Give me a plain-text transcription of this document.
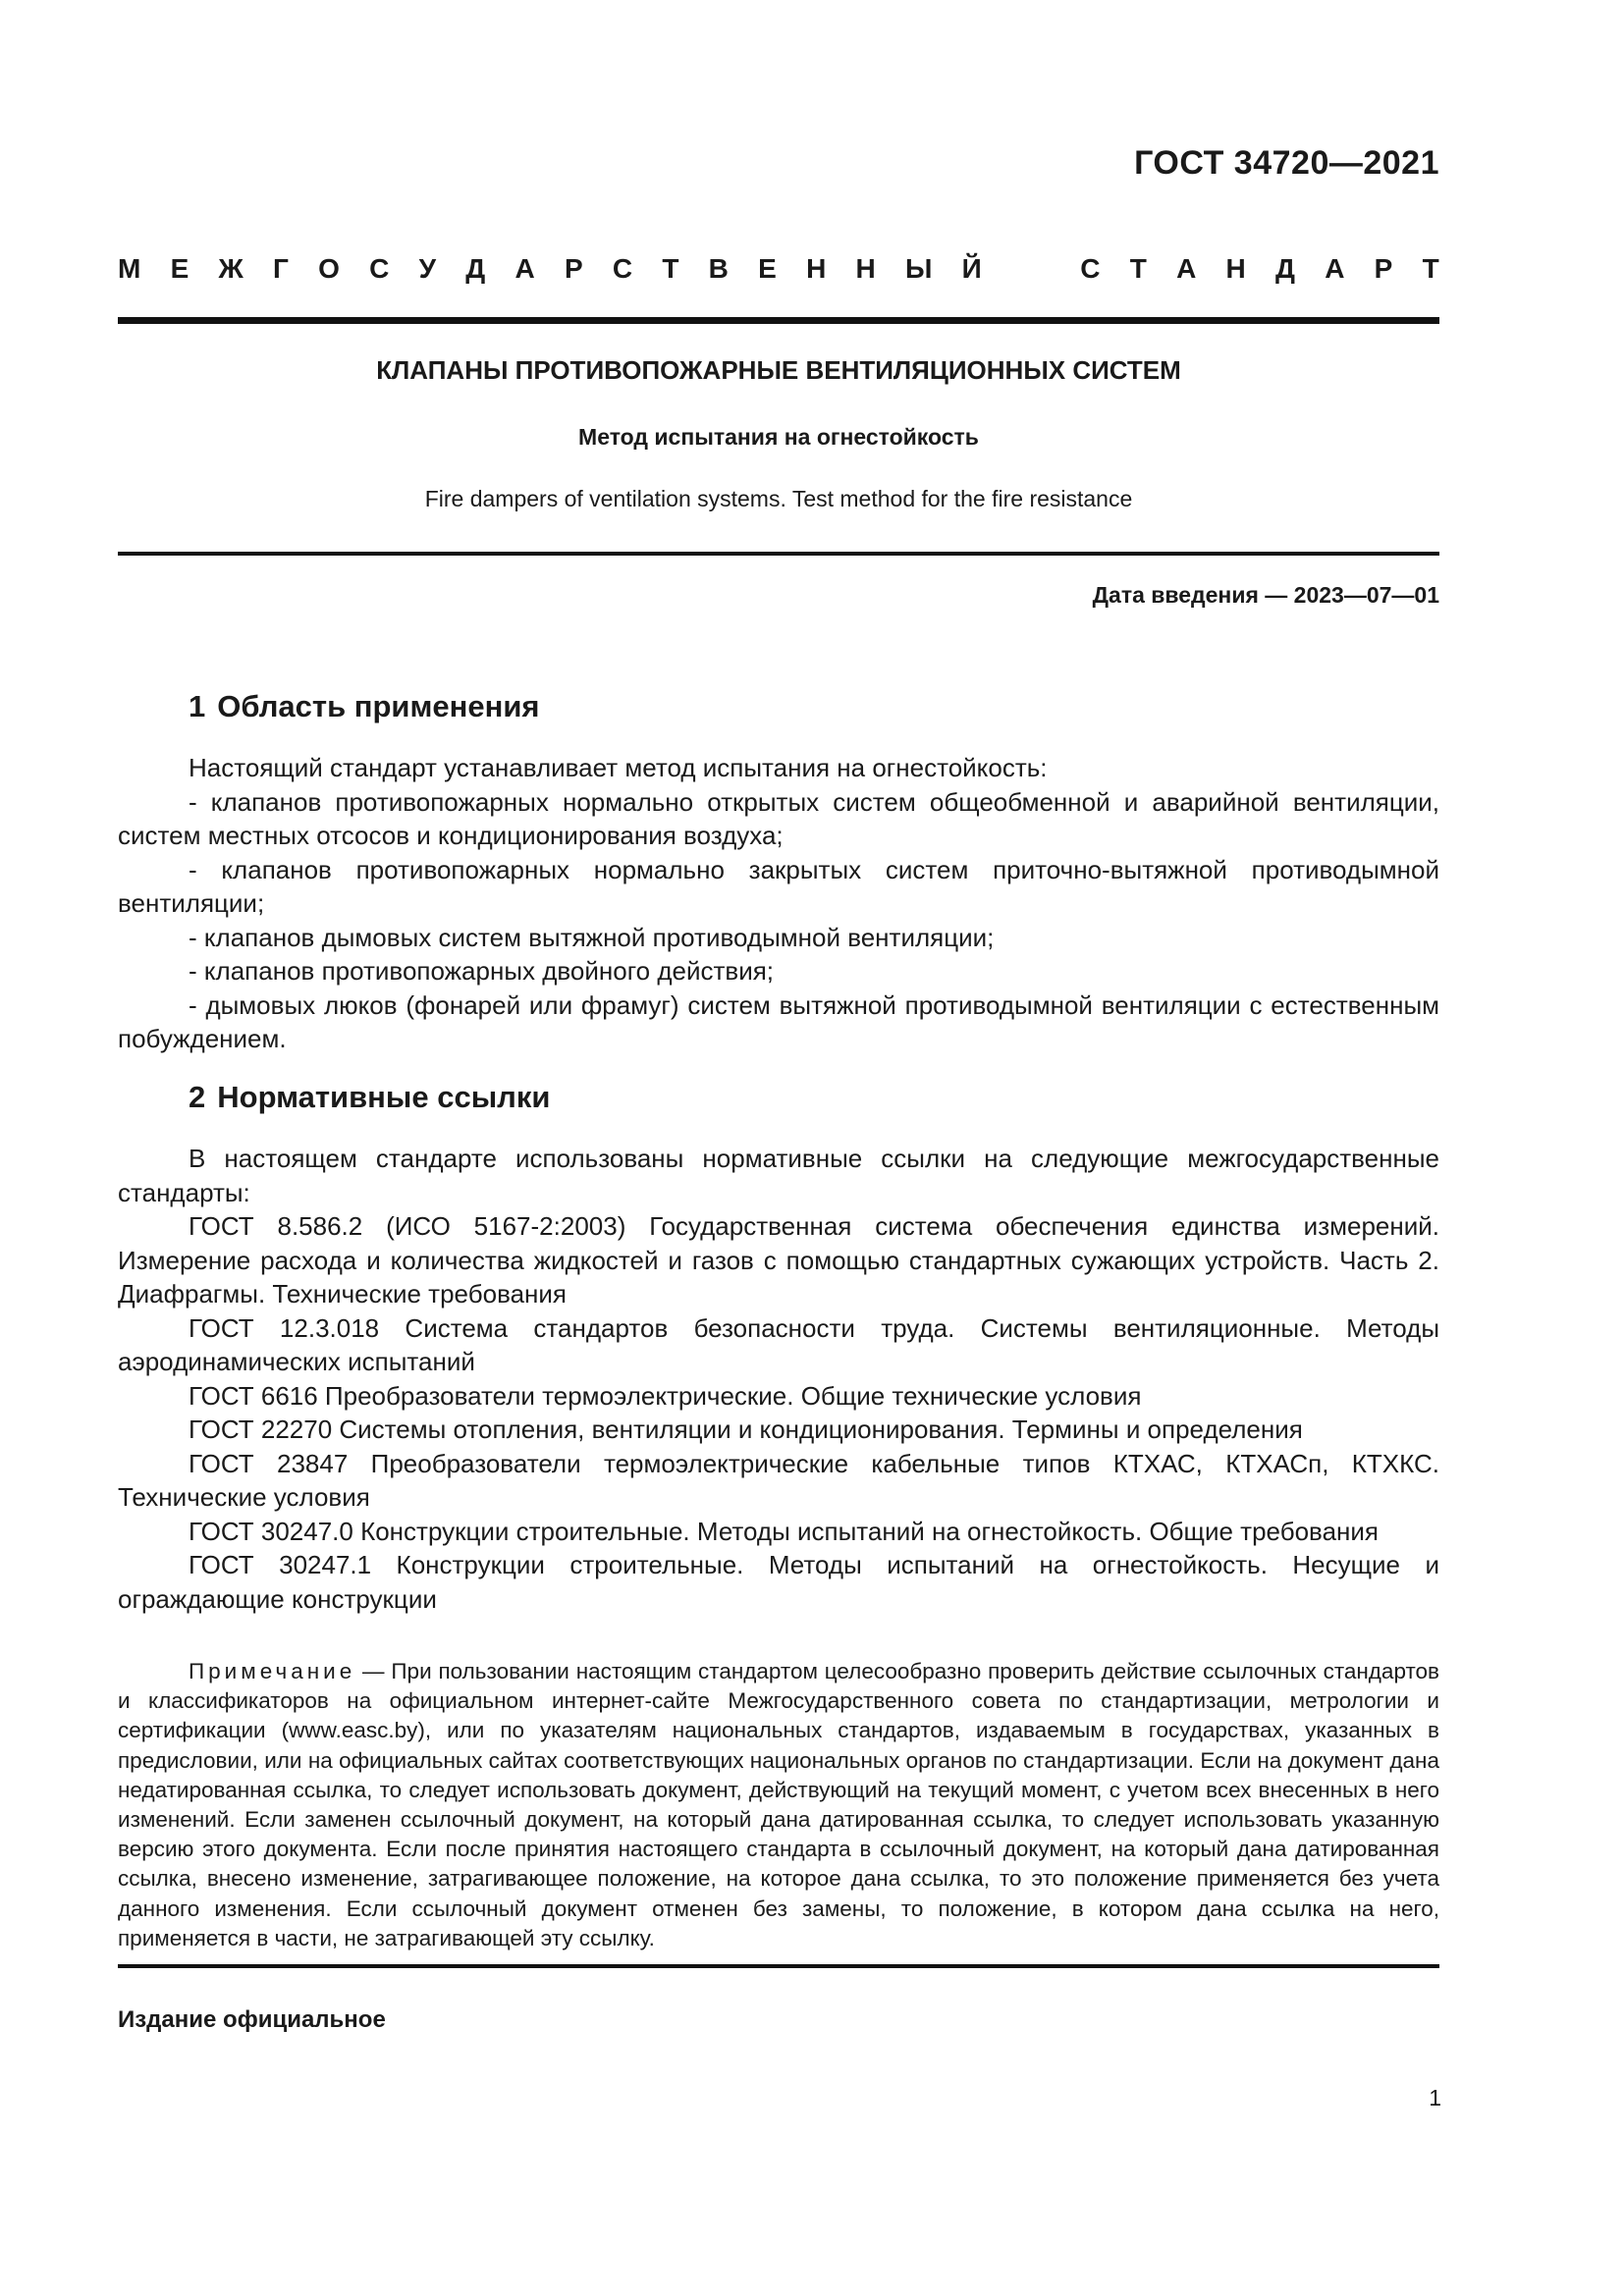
ГОСТ 34720—2021
М Е Ж Г О С У Д А Р С Т В Е Н Н Ы Й	С Т А Н Д А Р Т
КЛАПАНЫ ПРОТИВОПОЖАРНЫЕ ВЕНТИЛЯЦИОННЫХ СИСТЕМ
Метод испытания на огнестойкость
Fire dampers of ventilation systems. Test method for the fire resistance
Дата введения — 2023—07—01
1 Область применения

Настоящий стандарт устанавливает метод испытания на огнестойкость:

- клапанов противопожарных нормально открытых систем общеобменной и аварийной вентиляции, систем местных отсосов и кондиционирования воздуха;

- клапанов противопожарных нормально закрытых систем приточно-вытяжной противодымной вентиляции;

- клапанов дымовых систем вытяжной противодымной вентиляции;

- клапанов противопожарных двойного действия;

- дымовых люков (фонарей или фрамуг) систем вытяжной противодымной вентиляции с естественным побуждением.

2 Нормативные ссылки

В настоящем стандарте использованы нормативные ссылки на следующие межгосударственные стандарты:

ГОСТ 8.586.2 (ИСО 5167-2:2003) Государственная система обеспечения единства измерений. Измерение расхода и количества жидкостей и газов с помощью стандартных сужающих устройств. Часть 2. Диафрагмы. Технические требования

ГОСТ 12.3.018 Система стандартов безопасности труда. Системы вентиляционные. Методы аэродинамических испытаний

ГОСТ 6616 Преобразователи термоэлектрические. Общие технические условия

ГОСТ 22270 Системы отопления, вентиляции и кондиционирования. Термины и определения

ГОСТ 23847 Преобразователи термоэлектрические кабельные типов КТХАС, КТХАСп, КТХКС. Технические условия

ГОСТ 30247.0 Конструкции строительные. Методы испытаний на огнестойкость. Общие требования

ГОСТ 30247.1 Конструкции строительные. Методы испытаний на огнестойкость. Несущие и ограждающие конструкции

Примечание — При пользовании настоящим стандартом целесообразно проверить действие ссылочных стандартов и классификаторов на официальном интернет-сайте Межгосударственного совета по стандартизации, метрологии и сертификации (www.easc.by), или по указателям национальных стандартов, издаваемым в государствах, указанных в предисловии, или на официальных сайтах соответствующих национальных органов по стандартизации. Если на документ дана недатированная ссылка, то следует использовать документ, действующий на текущий момент, с учетом всех внесенных в него изменений. Если заменен ссылочный документ, на который дана датированная ссылка, то следует использовать указанную версию этого документа. Если после принятия настоящего стандарта в ссылочный документ, на который дана датированная ссылка, внесено изменение, затрагивающее положение, на которое дана ссылка, то это положение применяется без учета данного изменения. Если ссылочный документ отменен без замены, то положение, в котором дана ссылка на него, применяется в части, не затрагивающей эту ссылку.

Издание официальное
1
